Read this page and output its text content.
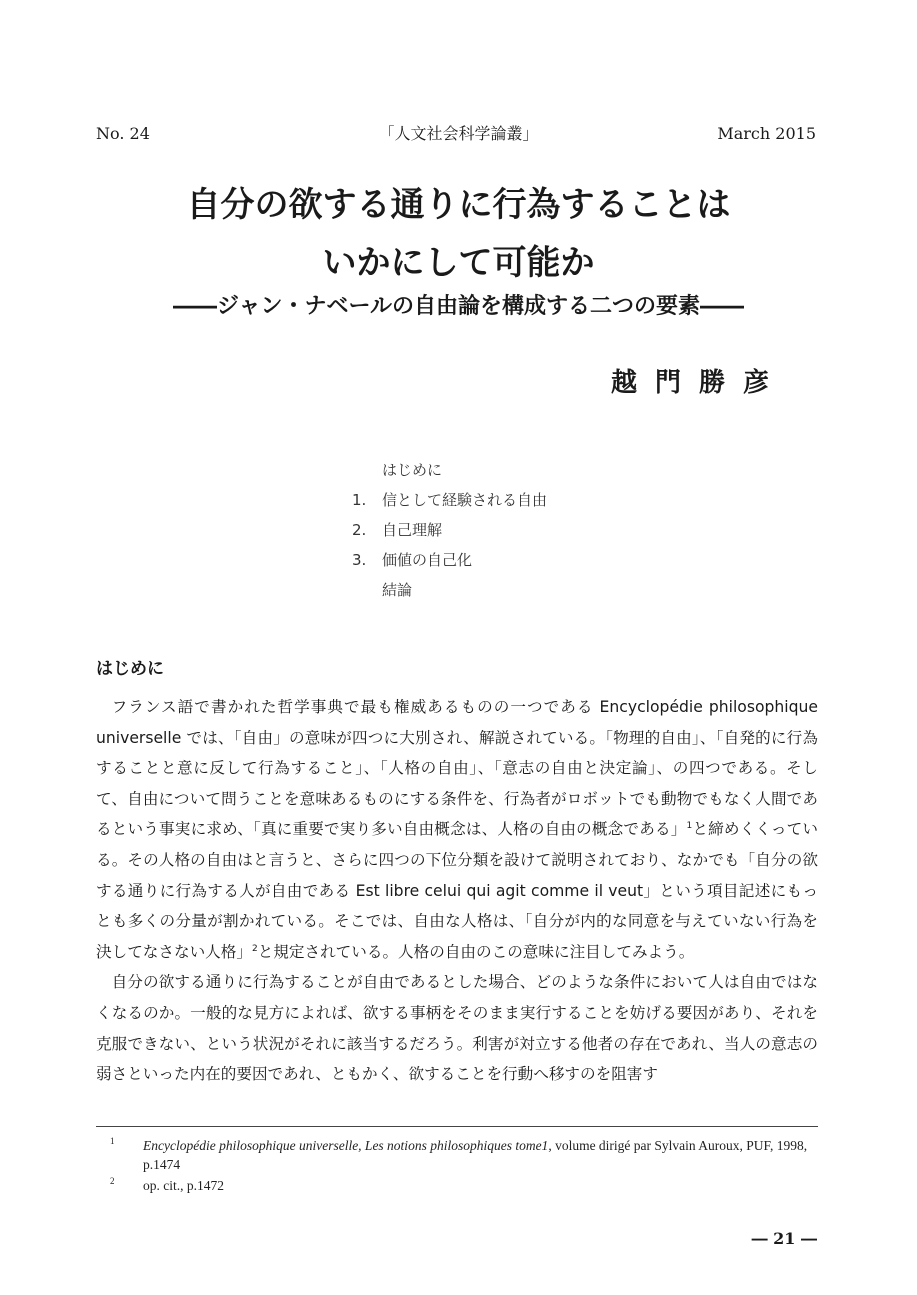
No. 24	「人文社会科学論叢」	March 2015
自分の欲する通りに行為することは
いかにして可能か
――ジャン・ナベールの自由論を構成する二つの要素――
越門勝彦
はじめに
1. 信として経験される自由
2. 自己理解
3. 価値の自己化
結論
はじめに

フランス語で書かれた哲学事典で最も権威あるものの一つである Encyclopédie philosophique universelle では、「自由」の意味が四つに大別され、解説されている。「物理的自由」、「自発的に行為することと意に反して行為すること」、「人格の自由」、「意志の自由と決定論」、の四つである。そして、自由について問うことを意味あるものにする条件を、行為者がロボットでも動物でもなく人間であるという事実に求め、「真に重要で実り多い自由概念は、人格の自由の概念である」$^1$と締めくくっている。その人格の自由はと言うと、さらに四つの下位分類を設けて説明されており、なかでも「自分の欲する通りに行為する人が自由である Est libre celui qui agit comme il veut」という項目記述にもっとも多くの分量が割かれている。そこでは、自由な人格は、「自分が内的な同意を与えていない行為を決してなさない人格」$^2$と規定されている。人格の自由のこの意味に注目してみよう。

自分の欲する通りに行為することが自由であるとした場合、どのような条件において人は自由ではなくなるのか。一般的な見方によれば、欲する事柄をそのまま実行することを妨げる要因があり、それを克服できない、という状況がそれに該当するだろう。利害が対立する他者の存在であれ、当人の意志の弱さといった内在的要因であれ、ともかく、欲することを行動へ移すのを阻害す

1 Encyclopédie philosophique universelle, Les notions philosophiques tome1, volume dirigé par Sylvain Auroux, PUF, 1998, p.1474
2 op. cit., p.1472
― 21 ―
